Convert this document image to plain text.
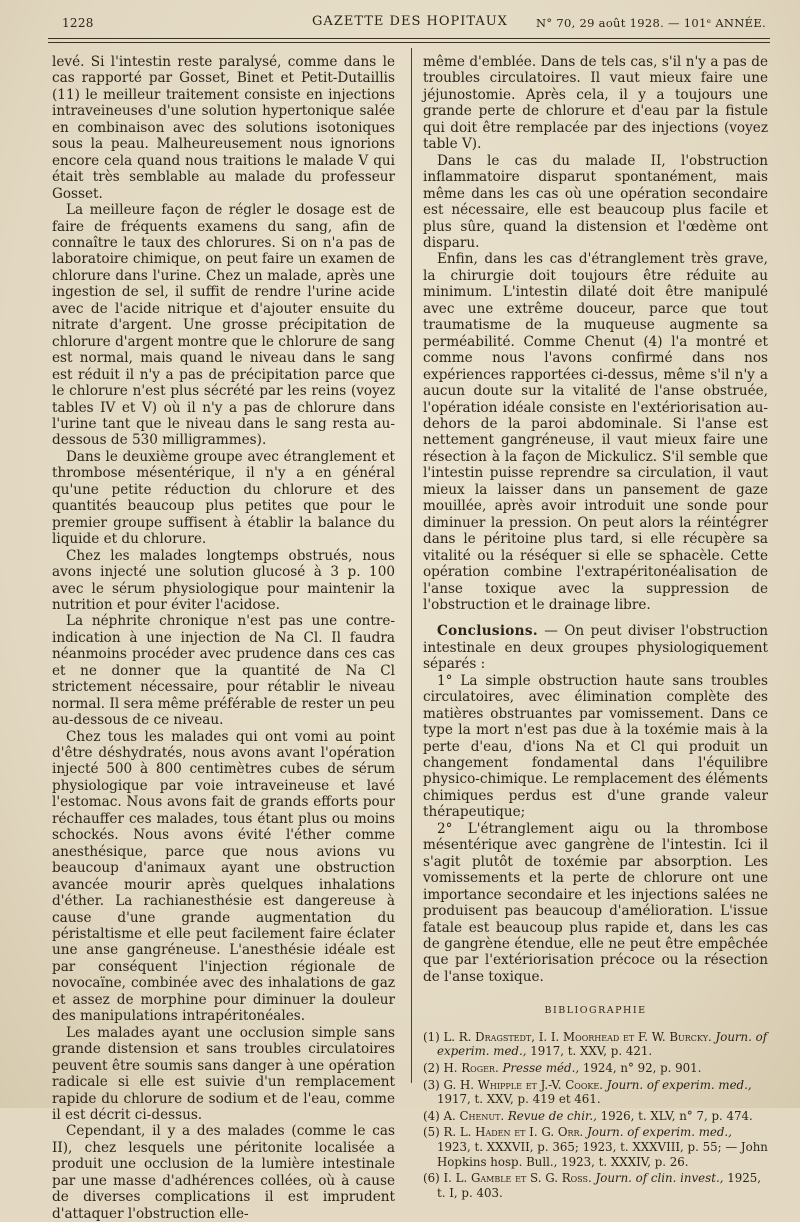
1228	GAZETTE DES HOPITAUX	N° 70, 29 août 1928. — 101ᵉ ANNÉE.

levé. Si l'intestin reste paralysé, comme dans le cas rapporté par Gosset, Binet et Petit-Dutaillis (11) le meilleur traitement consiste en injections intraveineuses d'une solution hypertonique salée en combinaison avec des solutions isotoniques sous la peau. Malheureusement nous ignorions encore cela quand nous traitions le malade V qui était très semblable au malade du professeur Gosset.

La meilleure façon de régler le dosage est de faire de fréquents examens du sang, afin de connaître le taux des chlorures. Si on n'a pas de laboratoire chimique, on peut faire un examen de chlorure dans l'urine. Chez un malade, après une ingestion de sel, il suffit de rendre l'urine acide avec de l'acide nitrique et d'ajouter ensuite du nitrate d'argent. Une grosse précipitation de chlorure d'argent montre que le chlorure de sang est normal, mais quand le niveau dans le sang est réduit il n'y a pas de précipitation parce que le chlorure n'est plus sécrété par les reins (voyez tables IV et V) où il n'y a pas de chlorure dans l'urine tant que le niveau dans le sang resta au-dessous de 530 milligrammes).

Dans le deuxième groupe avec étranglement et thrombose mésentérique, il n'y a en général qu'une petite réduction du chlorure et des quantités beaucoup plus petites que pour le premier groupe suffisent à établir la balance du liquide et du chlorure.

Chez les malades longtemps obstrués, nous avons injecté une solution glucosé à 3 p. 100 avec le sérum physiologique pour maintenir la nutrition et pour éviter l'acidose.

La néphrite chronique n'est pas une contre-indication à une injection de Na Cl. Il faudra néanmoins procéder avec prudence dans ces cas et ne donner que la quantité de Na Cl strictement nécessaire, pour rétablir le niveau normal. Il sera même préférable de rester un peu au-dessous de ce niveau.

Chez tous les malades qui ont vomi au point d'être déshydratés, nous avons avant l'opération injecté 500 à 800 centimètres cubes de sérum physiologique par voie intraveineuse et lavé l'estomac. Nous avons fait de grands efforts pour réchauffer ces malades, tous étant plus ou moins schockés. Nous avons évité l'éther comme anesthésique, parce que nous avions vu beaucoup d'animaux ayant une obstruction avancée mourir après quelques inhalations d'éther. La rachianesthésie est dangereuse à cause d'une grande augmentation du péristaltisme et elle peut facilement faire éclater une anse gangréneuse. L'anesthésie idéale est par conséquent l'injection régionale de novocaïne, combinée avec des inhalations de gaz et assez de morphine pour diminuer la douleur des manipulations intrapéritonéales.

Les malades ayant une occlusion simple sans grande distension et sans troubles circulatoires peuvent être soumis sans danger à une opération radicale si elle est suivie d'un remplacement rapide du chlorure de sodium et de l'eau, comme il est décrit ci-dessus.

Cependant, il y a des malades (comme le cas II), chez lesquels une péritonite localisée a produit une occlusion de la lumière intestinale par une masse d'adhérences collées, où à cause de diverses complications il est imprudent d'attaquer l'obstruction elle-

même d'emblée. Dans de tels cas, s'il n'y a pas de troubles circulatoires. Il vaut mieux faire une jéjunostomie. Après cela, il y a toujours une grande perte de chlorure et d'eau par la fistule qui doit être remplacée par des injections (voyez table V).

Dans le cas du malade II, l'obstruction inflammatoire disparut spontanément, mais même dans les cas où une opération secondaire est nécessaire, elle est beaucoup plus facile et plus sûre, quand la distension et l'œdème ont disparu.

Enfin, dans les cas d'étranglement très grave, la chirurgie doit toujours être réduite au minimum. L'intestin dilaté doit être manipulé avec une extrême douceur, parce que tout traumatisme de la muqueuse augmente sa perméabilité. Comme Chenut (4) l'a montré et comme nous l'avons confirmé dans nos expériences rapportées ci-dessus, même s'il n'y a aucun doute sur la vitalité de l'anse obstruée, l'opération idéale consiste en l'extériorisation au-dehors de la paroi abdominale. Si l'anse est nettement gangréneuse, il vaut mieux faire une résection à la façon de Mickulicz. S'il semble que l'intestin puisse reprendre sa circulation, il vaut mieux la laisser dans un pansement de gaze mouillée, après avoir introduit une sonde pour diminuer la pression. On peut alors la réintégrer dans le péritoine plus tard, si elle récupère sa vitalité ou la réséquer si elle se sphacèle. Cette opération combine l'extrapéritonéalisation de l'anse toxique avec la suppression de l'obstruction et le drainage libre.

Conclusions. — On peut diviser l'obstruction intestinale en deux groupes physiologiquement séparés :

1° La simple obstruction haute sans troubles circulatoires, avec élimination complète des matières obstruantes par vomissement. Dans ce type la mort n'est pas due à la toxémie mais à la perte d'eau, d'ions Na et Cl qui produit un changement fondamental dans l'équilibre physico-chimique. Le remplacement des éléments chimiques perdus est d'une grande valeur thérapeutique;

2° L'étranglement aigu ou la thrombose mésentérique avec gangrène de l'intestin. Ici il s'agit plutôt de toxémie par absorption. Les vomissements et la perte de chlorure ont une importance secondaire et les injections salées ne produisent pas beaucoup d'amélioration. L'issue fatale est beaucoup plus rapide et, dans les cas de gangrène étendue, elle ne peut être empêchée que par l'extériorisation précoce ou la résection de l'anse toxique.

BIBLIOGRAPHIE
(1) L. R. Dragstedt, I. I. Moorhead et F. W. Burcky. Journ. of experim. med., 1917, t. XXV, p. 421.
(2) H. Roger. Presse méd., 1924, n° 92, p. 901.
(3) G. H. Whipple et J.-V. Cooke. Journ. of experim. med., 1917, t. XXV, p. 419 et 461.
(4) A. Chenut. Revue de chir., 1926, t. XLV, n° 7, p. 474.
(5) R. L. Haden et I. G. Orr. Journ. of experim. med., 1923, t. XXXVII, p. 365; 1923, t. XXXVIII, p. 55; — John Hopkins hosp. Bull., 1923, t. XXXIV, p. 26.
(6) I. L. Gamble et S. G. Ross. Journ. of clin. invest., 1925, t. I, p. 403.
